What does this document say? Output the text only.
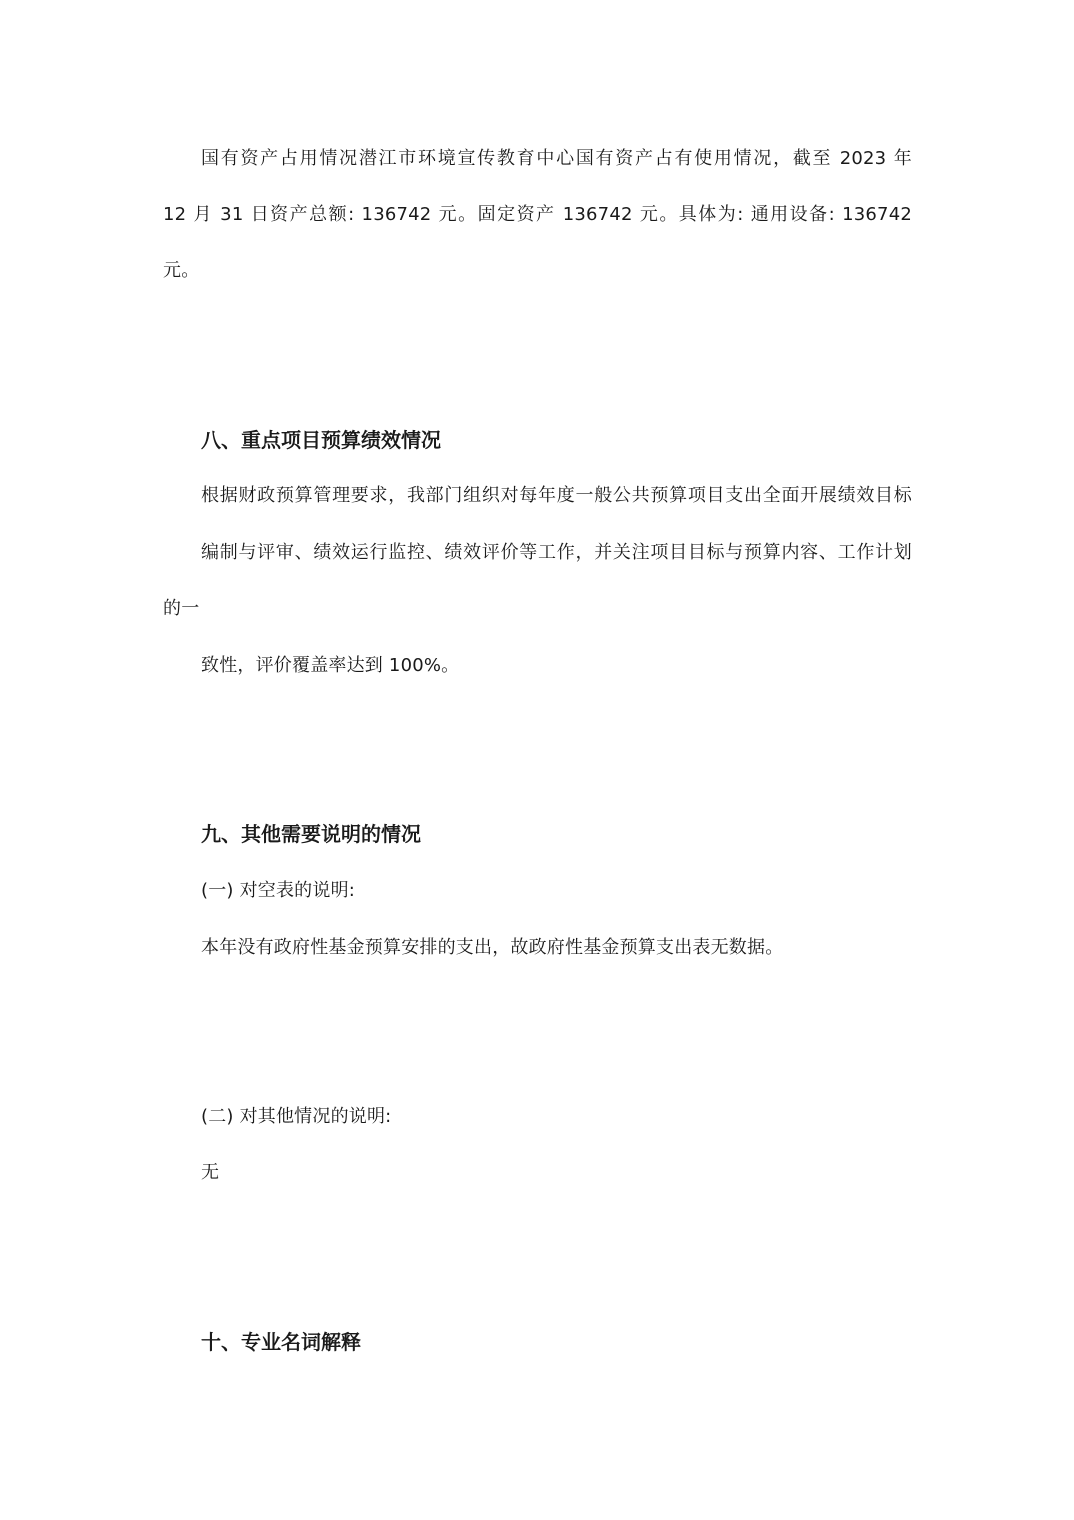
国有资产占用情况潜江市环境宣传教育中心国有资产占有使用情况，截至 2023 年
12 月 31 日资产总额: 136742 元。固定资产 136742 元。具体为: 通用设备: 136742
元。
八、重点项目预算绩效情况
根据财政预算管理要求，我部门组织对每年度一般公共预算项目支出全面开展绩效目标
编制与评审、绩效运行监控、绩效评价等工作，并关注项目目标与预算内容、工作计划
的一
致性，评价覆盖率达到 100%。
九、其他需要说明的情况
(一) 对空表的说明:
本年没有政府性基金预算安排的支出，故政府性基金预算支出表无数据。
(二) 对其他情况的说明:
无
十、专业名词解释
